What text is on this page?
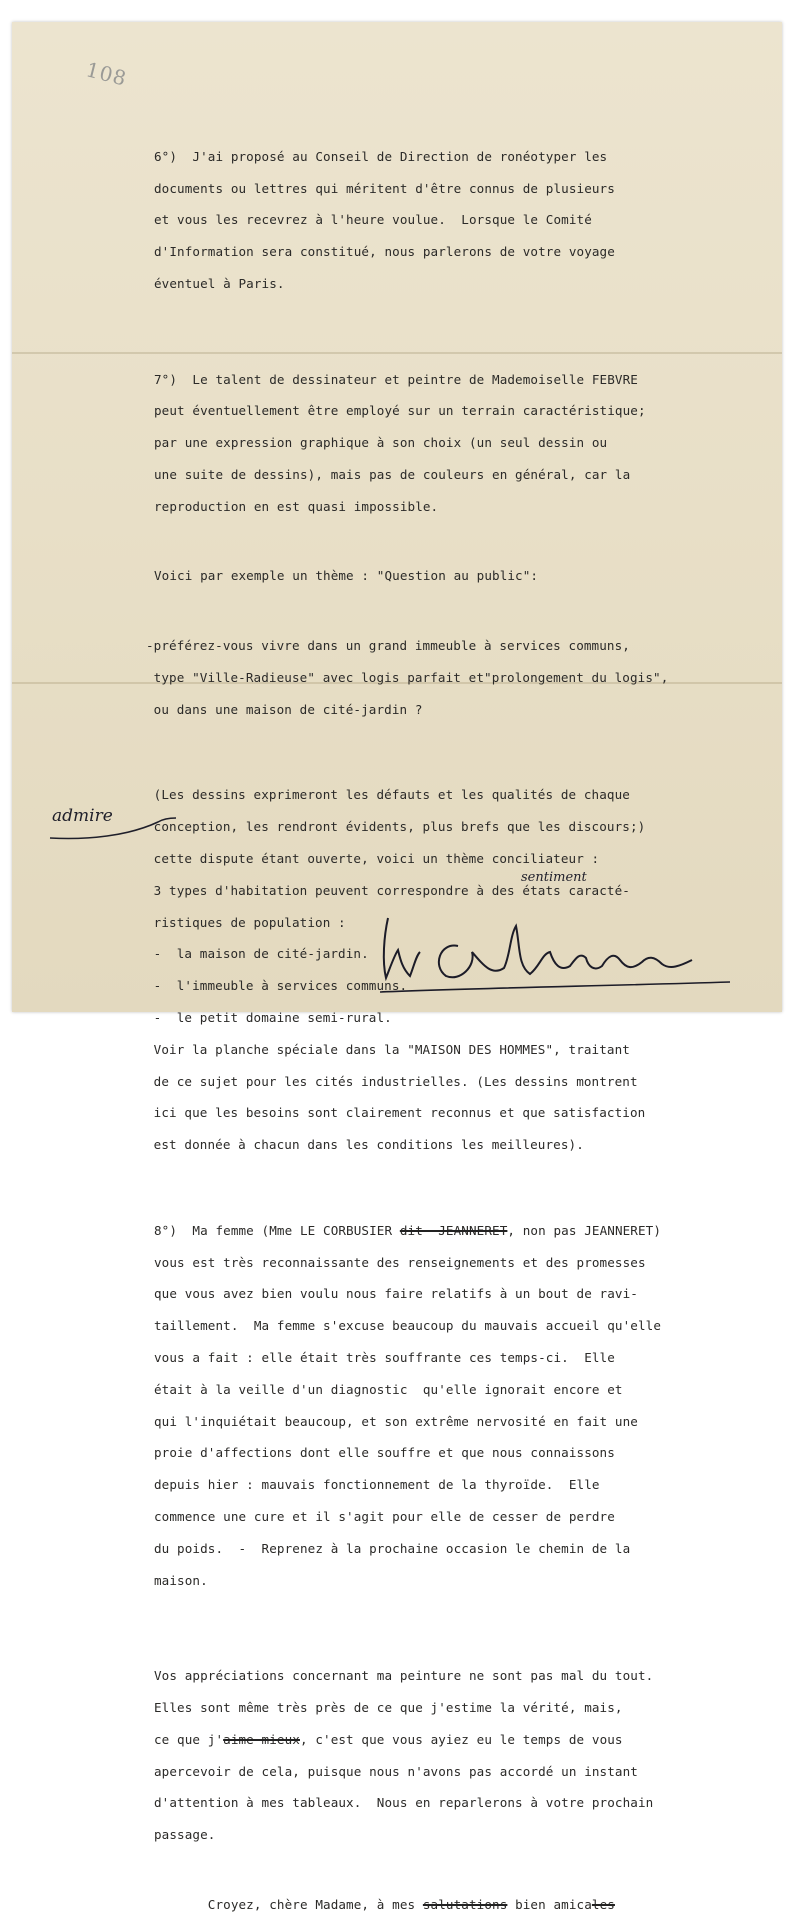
108

6°)  J'ai proposé au Conseil de Direction de ronéotyper les

documents ou lettres qui méritent d'être connus de plusieurs

et vous les recevrez à l'heure voulue.  Lorsque le Comité

d'Information sera constitué, nous parlerons de votre voyage

éventuel à Paris.

7°)  Le talent de dessinateur et peintre de Mademoiselle FEBVRE

peut éventuellement être employé sur un terrain caractéristique;

par une expression graphique à son choix (un seul dessin ou

une suite de dessins), mais pas de couleurs en général, car la

reproduction en est quasi impossible.

Voici par exemple un thème : "Question au public":

-préférez-vous vivre dans un grand immeuble à services communs,

type "Ville-Radieuse" avec logis parfait et"prolongement du logis",

ou dans une maison de cité-jardin ?

(Les dessins exprimeront les défauts et les qualités de chaque

conception, les rendront évidents, plus brefs que les discours;)

cette dispute étant ouverte, voici un thème conciliateur :

3 types d'habitation peuvent correspondre à des états caracté-

ristiques de population :

-  la maison de cité-jardin.

-  l'immeuble à services communs.

-  le petit domaine semi-rural.

Voir la planche spéciale dans la "MAISON DES HOMMES", traitant

de ce sujet pour les cités industrielles. (Les dessins montrent

ici que les besoins sont clairement reconnus et que satisfaction

est donnée à chacun dans les conditions les meilleures).

8°)  Ma femme (Mme LE CORBUSIER dit  JEANNERET, non pas JEANNERET)

vous est très reconnaissante des renseignements et des promesses

que vous avez bien voulu nous faire relatifs à un bout de ravi-

taillement.  Ma femme s'excuse beaucoup du mauvais accueil qu'elle

vous a fait : elle était très souffrante ces temps-ci.  Elle

était à la veille d'un diagnostic  qu'elle ignorait encore et

qui l'inquiétait beaucoup, et son extrême nervosité en fait une

proie d'affections dont elle souffre et que nous connaissons

depuis hier : mauvais fonctionnement de la thyroïde.  Elle

commence une cure et il s'agit pour elle de cesser de perdre

du poids.  -  Reprenez à la prochaine occasion le chemin de la

maison.

Vos appréciations concernant ma peinture ne sont pas mal du tout.

Elles sont même très près de ce que j'estime la vérité, mais,

ce que j'aime mieux, c'est que vous ayiez eu le temps de vous

apercevoir de cela, puisque nous n'avons pas accordé un instant

d'attention à mes tableaux.  Nous en reparlerons à votre prochain

passage.

Croyez, chère Madame, à mes salutations bien amicales

admire
sentiment
